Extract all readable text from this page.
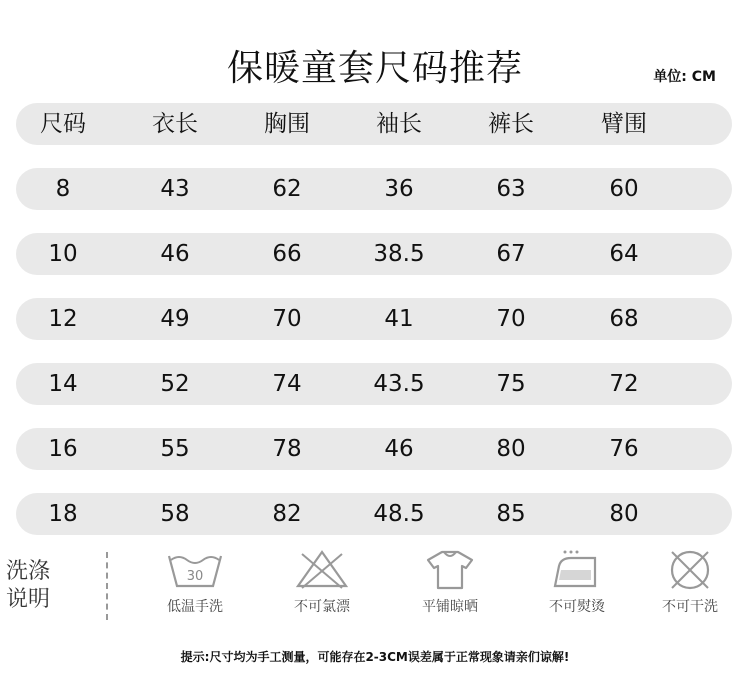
保暖童套尺码推荐	单位: CM
尺码	衣长	胸围	袖长	裤长	臂围
8	43	62	36	63	60
10	46	66	38.5	67	64
12	49	70	41	70	68
14	52	74	43.5	75	72
16	55	78	46	80	76
18	58	82	48.5	85	80
洗涤
说明
30
低温手洗	不可氯漂	平铺晾晒	不可熨烫	不可干洗
提示:尺寸均为手工测量，可能存在2-3CM误差属于正常现象请亲们谅解!
